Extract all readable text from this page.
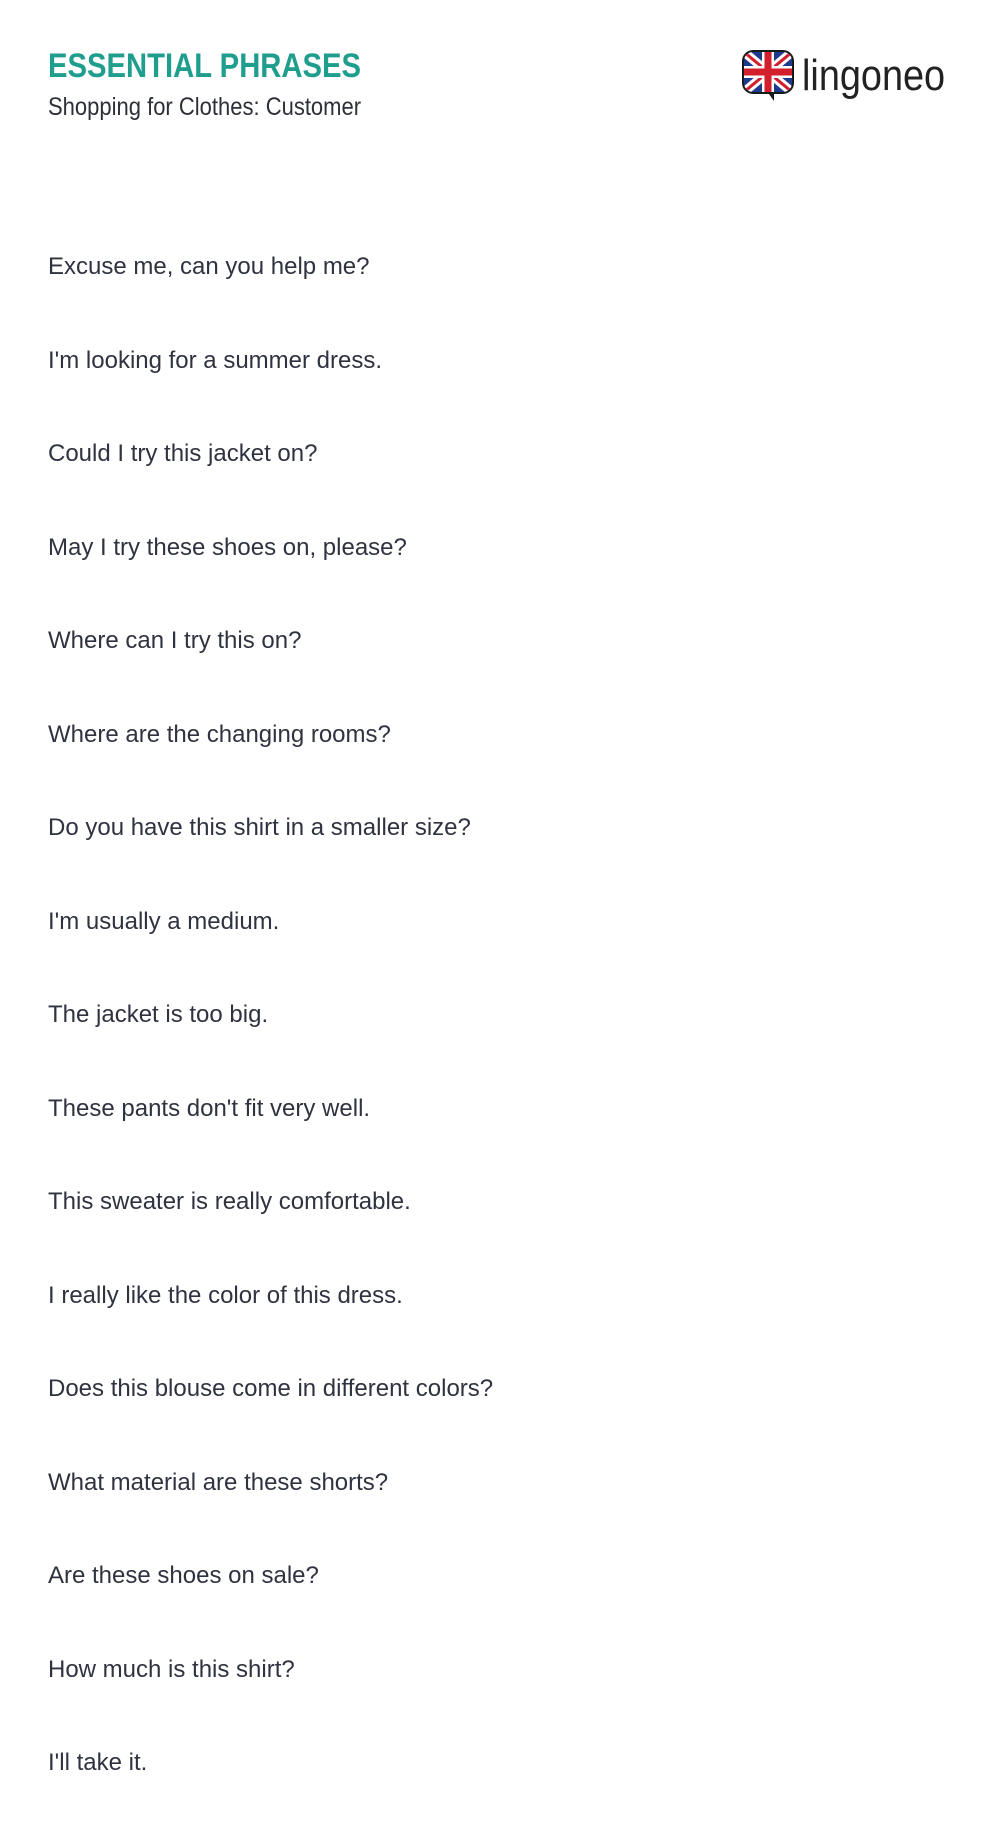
ESSENTIAL PHRASES
Shopping for Clothes: Customer
lingoneo
Excuse me, can you help me?
I'm looking for a summer dress.
Could I try this jacket on?
May I try these shoes on, please?
Where can I try this on?
Where are the changing rooms?
Do you have this shirt in a smaller size?
I'm usually a medium.
The jacket is too big.
These pants don't fit very well.
This sweater is really comfortable.
I really like the color of this dress.
Does this blouse come in different colors?
What material are these shorts?
Are these shoes on sale?
How much is this shirt?
I'll take it.
